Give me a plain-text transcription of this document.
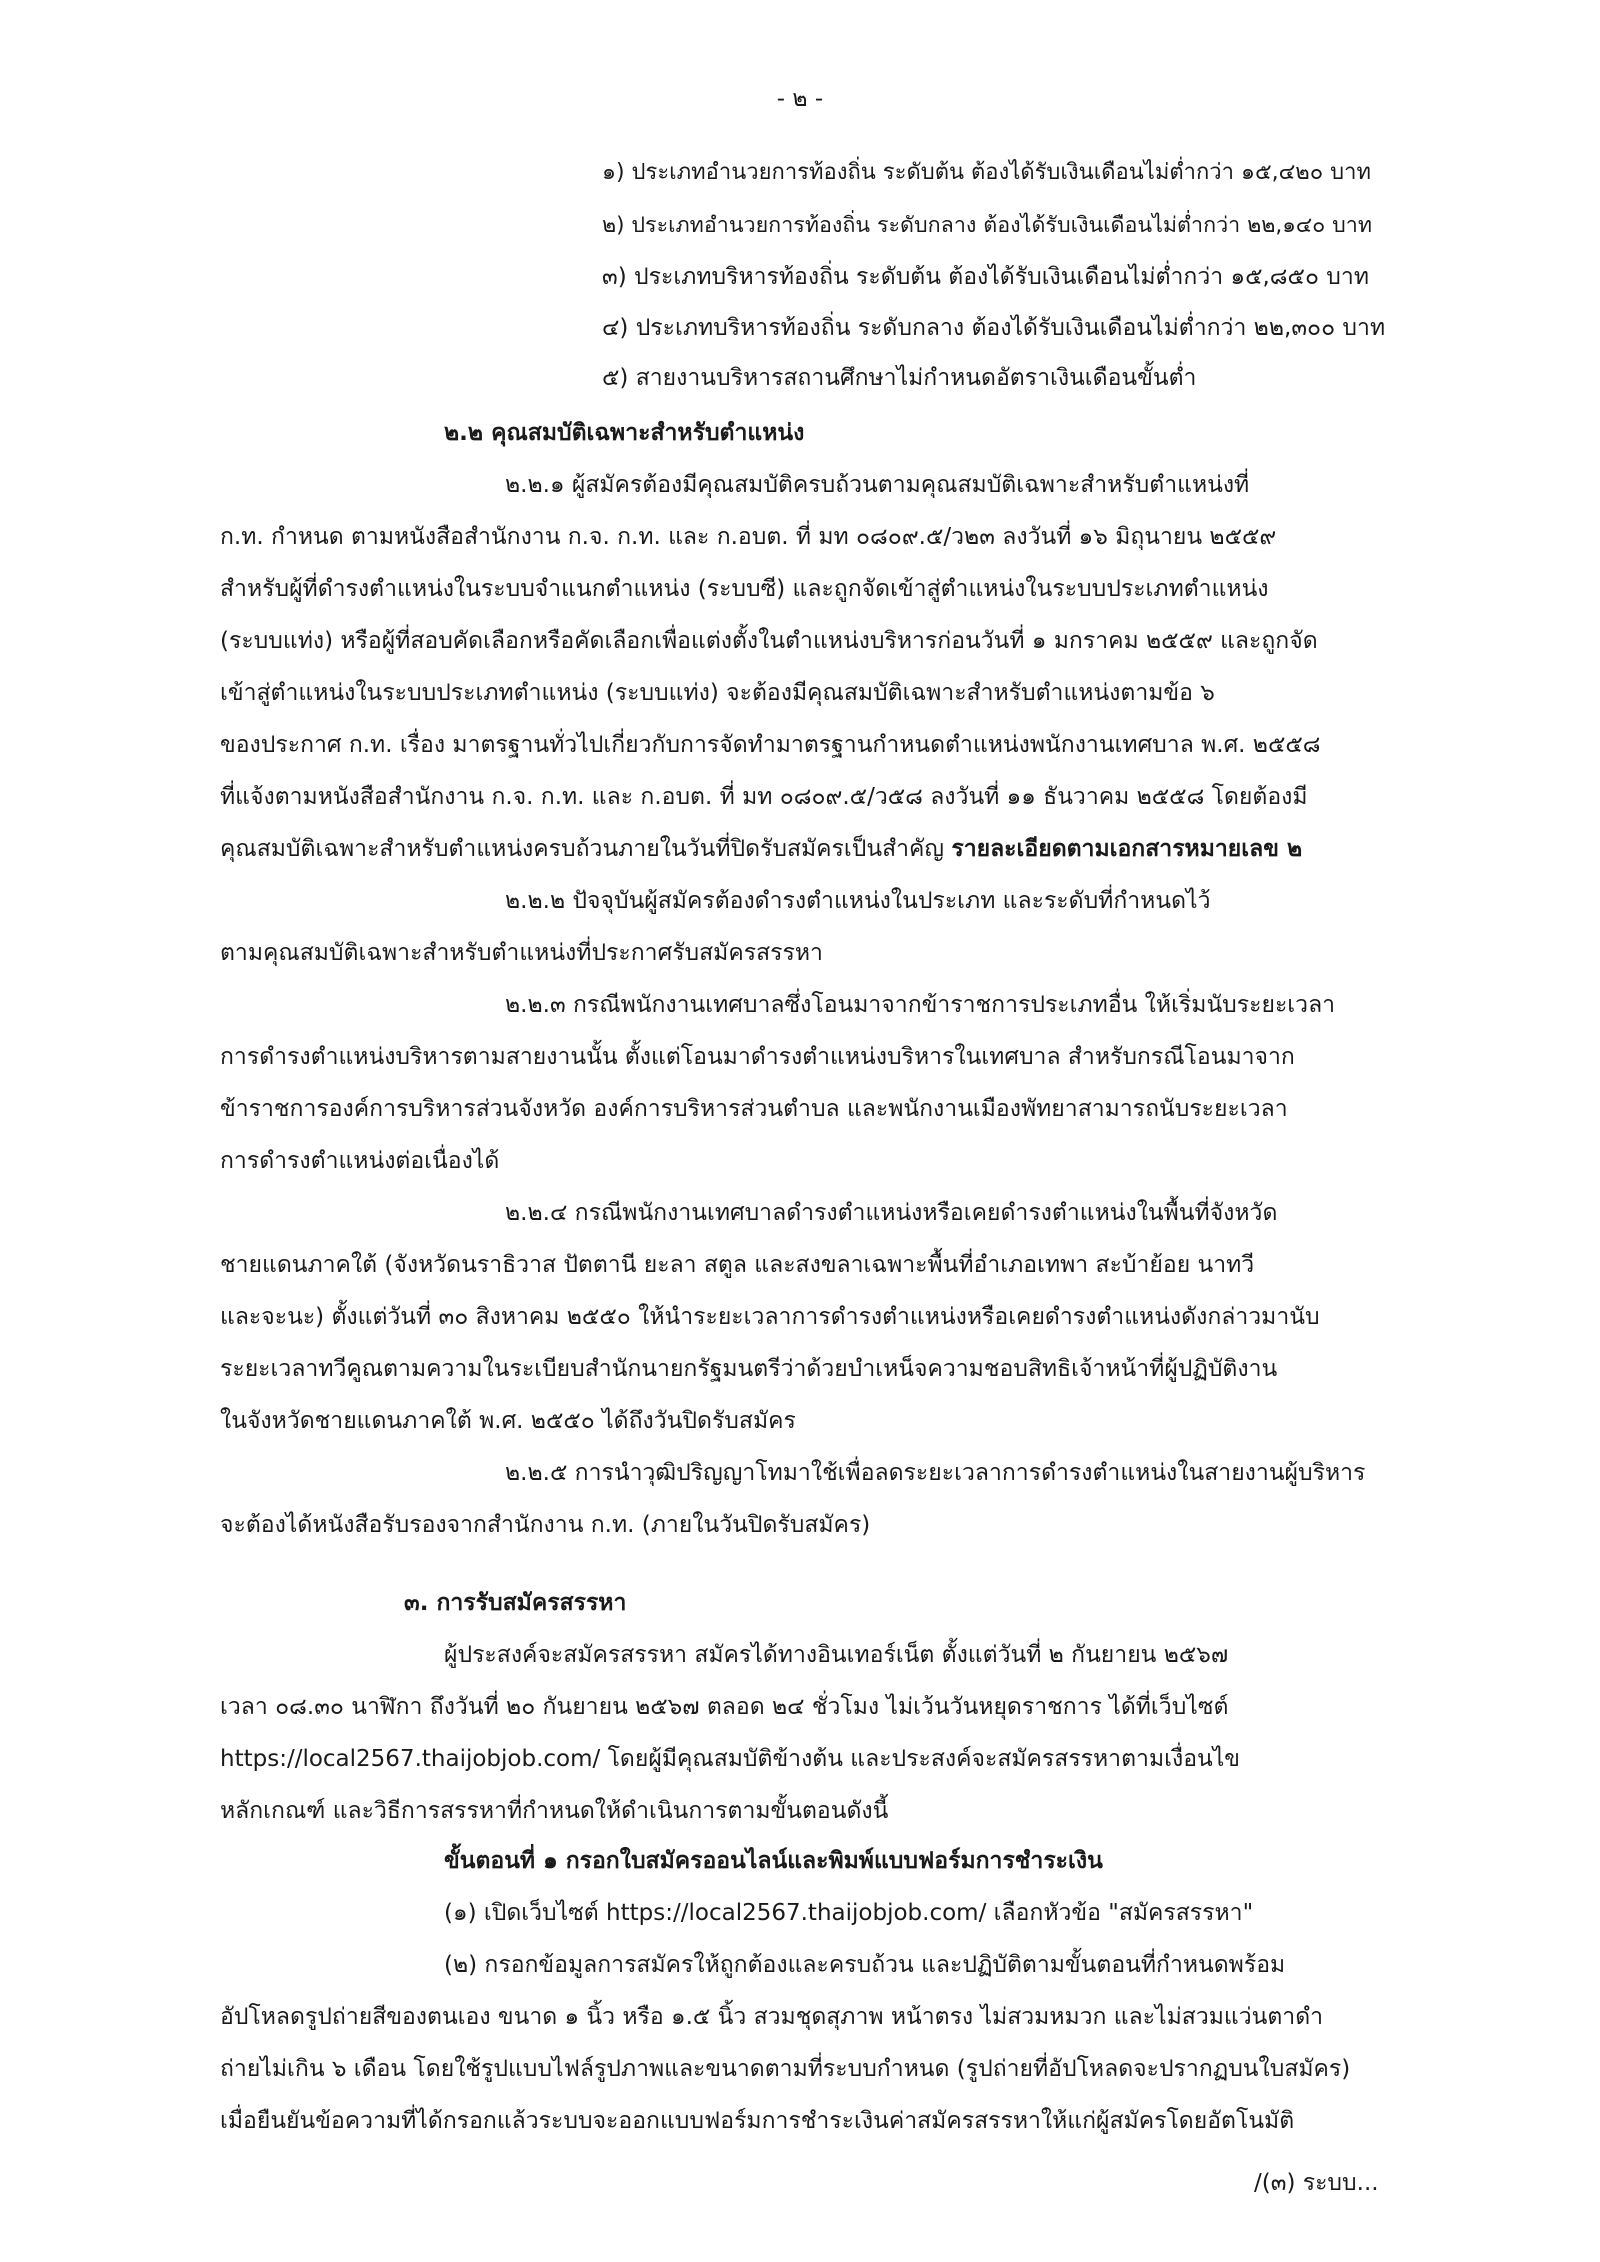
- ๒ -
๑) ประเภทอำนวยการท้องถิ่น ระดับต้น ต้องได้รับเงินเดือนไม่ต่ำกว่า ๑๕,๔๒๐ บาท
๒) ประเภทอำนวยการท้องถิ่น ระดับกลาง ต้องได้รับเงินเดือนไม่ต่ำกว่า ๒๒,๑๔๐ บาท
๓) ประเภทบริหารท้องถิ่น ระดับต้น ต้องได้รับเงินเดือนไม่ต่ำกว่า ๑๕,๘๕๐ บาท
๔) ประเภทบริหารท้องถิ่น ระดับกลาง ต้องได้รับเงินเดือนไม่ต่ำกว่า ๒๒,๓๐๐ บาท
๕) สายงานบริหารสถานศึกษาไม่กำหนดอัตราเงินเดือนขั้นต่ำ
๒.๒ คุณสมบัติเฉพาะสำหรับตำแหน่ง
๒.๒.๑ ผู้สมัครต้องมีคุณสมบัติครบถ้วนตามคุณสมบัติเฉพาะสำหรับตำแหน่งที่
ก.ท. กำหนด ตามหนังสือสำนักงาน ก.จ. ก.ท. และ ก.อบต. ที่ มท ๐๘๐๙.๕/ว๒๓ ลงวันที่ ๑๖ มิถุนายน ๒๕๕๙
สำหรับผู้ที่ดำรงตำแหน่งในระบบจำแนกตำแหน่ง (ระบบซี) และถูกจัดเข้าสู่ตำแหน่งในระบบประเภทตำแหน่ง
(ระบบแท่ง) หรือผู้ที่สอบคัดเลือกหรือคัดเลือกเพื่อแต่งตั้งในตำแหน่งบริหารก่อนวันที่ ๑ มกราคม ๒๕๕๙ และถูกจัด
เข้าสู่ตำแหน่งในระบบประเภทตำแหน่ง (ระบบแท่ง) จะต้องมีคุณสมบัติเฉพาะสำหรับตำแหน่งตามข้อ ๖
ของประกาศ ก.ท. เรื่อง มาตรฐานทั่วไปเกี่ยวกับการจัดทำมาตรฐานกำหนดตำแหน่งพนักงานเทศบาล พ.ศ. ๒๕๕๘
ที่แจ้งตามหนังสือสำนักงาน ก.จ. ก.ท. และ ก.อบต. ที่ มท ๐๘๐๙.๕/ว๕๘ ลงวันที่ ๑๑ ธันวาคม ๒๕๕๘ โดยต้องมี
คุณสมบัติเฉพาะสำหรับตำแหน่งครบถ้วนภายในวันที่ปิดรับสมัครเป็นสำคัญ รายละเอียดตามเอกสารหมายเลข ๒
๒.๒.๒ ปัจจุบันผู้สมัครต้องดำรงตำแหน่งในประเภท และระดับที่กำหนดไว้
ตามคุณสมบัติเฉพาะสำหรับตำแหน่งที่ประกาศรับสมัครสรรหา
๒.๒.๓ กรณีพนักงานเทศบาลซึ่งโอนมาจากข้าราชการประเภทอื่น ให้เริ่มนับระยะเวลา
การดำรงตำแหน่งบริหารตามสายงานนั้น ตั้งแต่โอนมาดำรงตำแหน่งบริหารในเทศบาล สำหรับกรณีโอนมาจาก
ข้าราชการองค์การบริหารส่วนจังหวัด องค์การบริหารส่วนตำบล และพนักงานเมืองพัทยาสามารถนับระยะเวลา
การดำรงตำแหน่งต่อเนื่องได้
๒.๒.๔ กรณีพนักงานเทศบาลดำรงตำแหน่งหรือเคยดำรงตำแหน่งในพื้นที่จังหวัด
ชายแดนภาคใต้ (จังหวัดนราธิวาส ปัตตานี ยะลา สตูล และสงขลาเฉพาะพื้นที่อำเภอเทพา สะบ้าย้อย นาทวี
และจะนะ) ตั้งแต่วันที่ ๓๐ สิงหาคม ๒๕๕๐ ให้นำระยะเวลาการดำรงตำแหน่งหรือเคยดำรงตำแหน่งดังกล่าวมานับ
ระยะเวลาทวีคูณตามความในระเบียบสำนักนายกรัฐมนตรีว่าด้วยบำเหน็จความชอบสิทธิเจ้าหน้าที่ผู้ปฏิบัติงาน
ในจังหวัดชายแดนภาคใต้ พ.ศ. ๒๕๕๐ ได้ถึงวันปิดรับสมัคร
๒.๒.๕ การนำวุฒิปริญญาโทมาใช้เพื่อลดระยะเวลาการดำรงตำแหน่งในสายงานผู้บริหาร
จะต้องได้หนังสือรับรองจากสำนักงาน ก.ท. (ภายในวันปิดรับสมัคร)
๓. การรับสมัครสรรหา
ผู้ประสงค์จะสมัครสรรหา สมัครได้ทางอินเทอร์เน็ต ตั้งแต่วันที่ ๒ กันยายน ๒๕๖๗
เวลา ๐๘.๓๐ นาฬิกา ถึงวันที่ ๒๐ กันยายน ๒๕๖๗ ตลอด ๒๔ ชั่วโมง ไม่เว้นวันหยุดราชการ ได้ที่เว็บไซต์
https://local2567.thaijobjob.com/ โดยผู้มีคุณสมบัติข้างต้น และประสงค์จะสมัครสรรหาตามเงื่อนไข
หลักเกณฑ์ และวิธีการสรรหาที่กำหนดให้ดำเนินการตามขั้นตอนดังนี้
ขั้นตอนที่ ๑ กรอกใบสมัครออนไลน์และพิมพ์แบบฟอร์มการชำระเงิน
(๑) เปิดเว็บไซต์ https://local2567.thaijobjob.com/ เลือกหัวข้อ "สมัครสรรหา"
(๒) กรอกข้อมูลการสมัครให้ถูกต้องและครบถ้วน และปฏิบัติตามขั้นตอนที่กำหนดพร้อม
อัปโหลดรูปถ่ายสีของตนเอง ขนาด ๑ นิ้ว หรือ ๑.๕ นิ้ว สวมชุดสุภาพ หน้าตรง ไม่สวมหมวก และไม่สวมแว่นตาดำ
ถ่ายไม่เกิน ๖ เดือน โดยใช้รูปแบบไฟล์รูปภาพและขนาดตามที่ระบบกำหนด (รูปถ่ายที่อัปโหลดจะปรากฏบนใบสมัคร)
เมื่อยืนยันข้อความที่ได้กรอกแล้วระบบจะออกแบบฟอร์มการชำระเงินค่าสมัครสรรหาให้แก่ผู้สมัครโดยอัตโนมัติ
/(๓) ระบบ...
